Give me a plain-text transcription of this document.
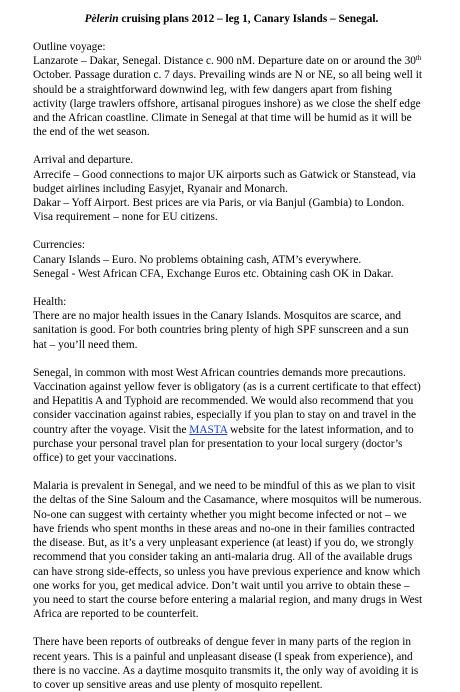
Pèlerin cruising plans 2012 – leg 1, Canary Islands – Senegal.
Outline voyage:
Lanzarote – Dakar, Senegal. Distance c. 900 nM. Departure date on or around the 30th
October. Passage duration c. 7 days. Prevailing winds are N or NE, so all being well it
should be a straightforward downwind leg, with few dangers apart from fishing
activity (large trawlers offshore, artisanal pirogues inshore) as we close the shelf edge
and the African coastline. Climate in Senegal at that time will be humid as it will be
the end of the wet season.
Arrival and departure.
Arrecife – Good connections to major UK airports such as Gatwick or Stanstead, via
budget airlines including Easyjet, Ryanair and Monarch.
Dakar – Yoff Airport. Best prices are via Paris, or via Banjul (Gambia) to London.
Visa requirement – none for EU citizens.
Currencies:
Canary Islands – Euro. No problems obtaining cash, ATM’s everywhere.
Senegal - West African CFA, Exchange Euros etc. Obtaining cash OK in Dakar.
Health:
There are no major health issues in the Canary Islands. Mosquitos are scarce, and
sanitation is good. For both countries bring plenty of high SPF sunscreen and a sun
hat – you’ll need them.
Senegal, in common with most West African countries demands more precautions.
Vaccination against yellow fever is obligatory (as is a current certificate to that effect)
and Hepatitis A and Typhoid are recommended. We would also recommend that you
consider vaccination against rabies, especially if you plan to stay on and travel in the
country after the voyage. Visit the MASTA website for the latest information, and to
purchase your personal travel plan for presentation to your local surgery (doctor’s
office) to get your vaccinations.
Malaria is prevalent in Senegal, and we need to be mindful of this as we plan to visit
the deltas of the Sine Saloum and the Casamance, where mosquitos will be numerous.
No-one can suggest with certainty whether you might become infected or not – we
have friends who spent months in these areas and no-one in their families contracted
the disease. But, as it’s a very unpleasant experience (at least) if you do, we strongly
recommend that you consider taking an anti-malaria drug. All of the available drugs
can have strong side-effects, so unless you have previous experience and know which
one works for you, get medical advice. Don’t wait until you arrive to obtain these –
you need to start the course before entering a malarial region, and many drugs in West
Africa are reported to be counterfeit.
There have been reports of outbreaks of dengue fever in many parts of the region in
recent years. This is a painful and unpleasant disease (I speak from experience), and
there is no vaccine. As a daytime mosquito transmits it, the only way of avoiding it is
to cover up sensitive areas and use plenty of mosquito repellent.
